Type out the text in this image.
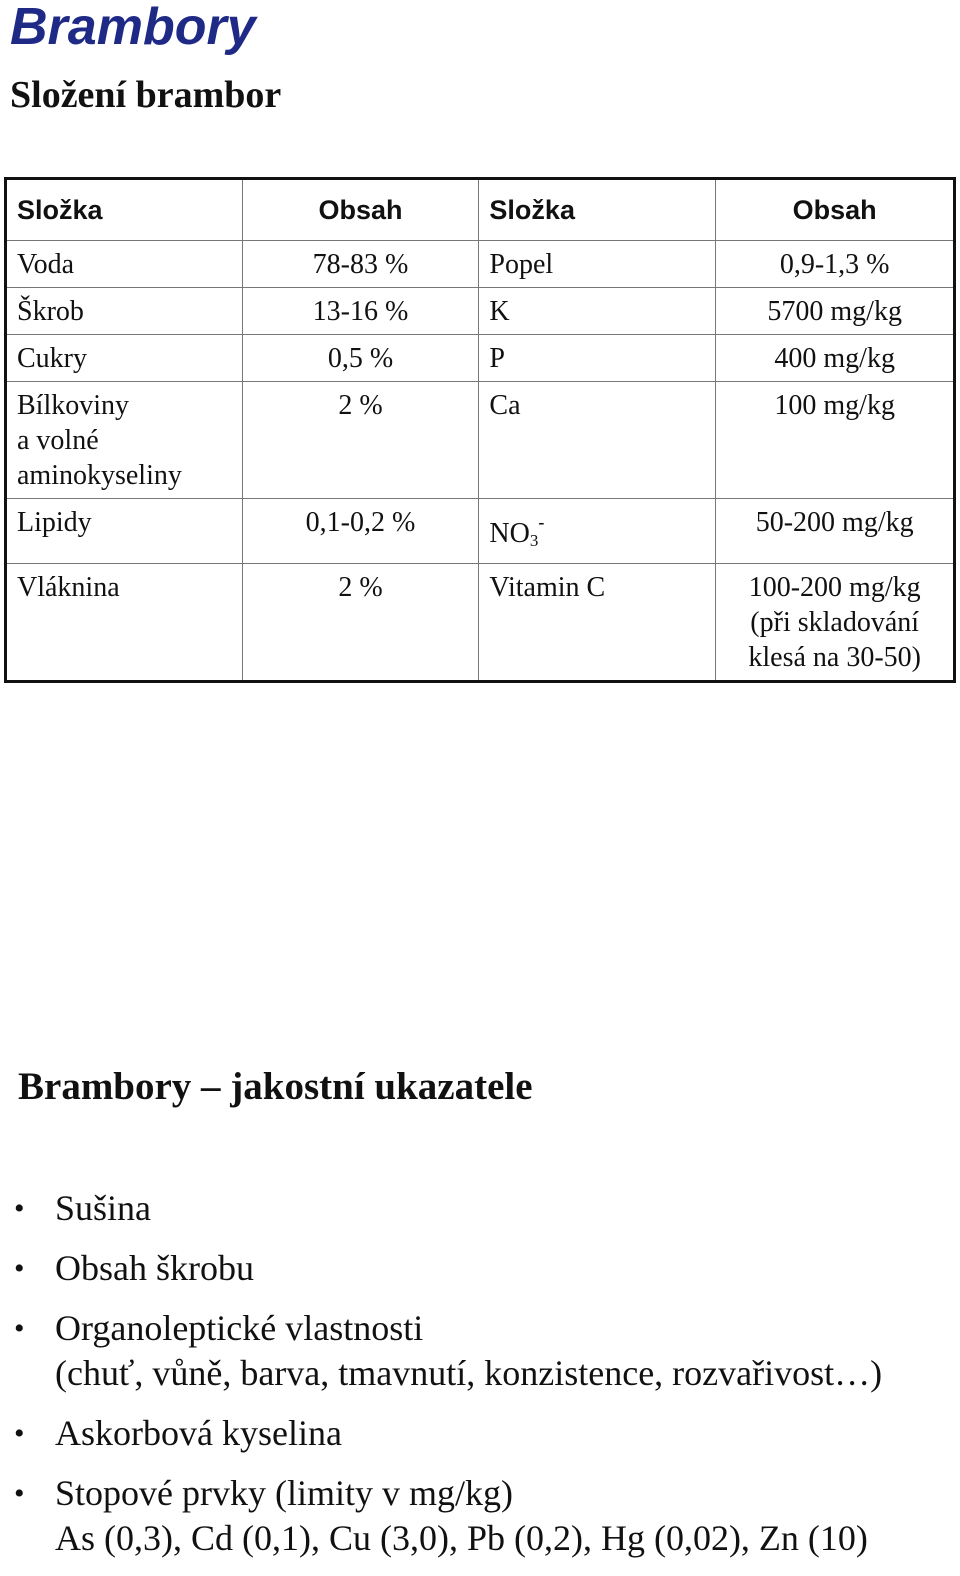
Brambory
Složení brambor
Složka	Obsah	Složka	Obsah
Voda	78-83 %	Popel	0,9-1,3 %
Škrob	13-16 %	K	5700 mg/kg
Cukry	0,5 %	P	400 mg/kg

Bílkoviny
a volné
aminokyseliny	2 %	Ca	100 mg/kg
Lipidy	0,1-0,2 %	$NO_3^-$	50-200 mg/kg
Vláknina	2 %	Vitamin C	100-200 mg/kg
(při skladování
klesá na 30-50)
Brambory – jakostní ukazatele
• Sušina
• Obsah škrobu
• Organoleptické vlastnosti
(chuť, vůně, barva, tmavnutí, konzistence, rozvařivost…)
• Askorbová kyselina
• Stopové prvky (limity v mg/kg)
As (0,3), Cd (0,1), Cu (3,0), Pb (0,2), Hg (0,02), Zn (10)
